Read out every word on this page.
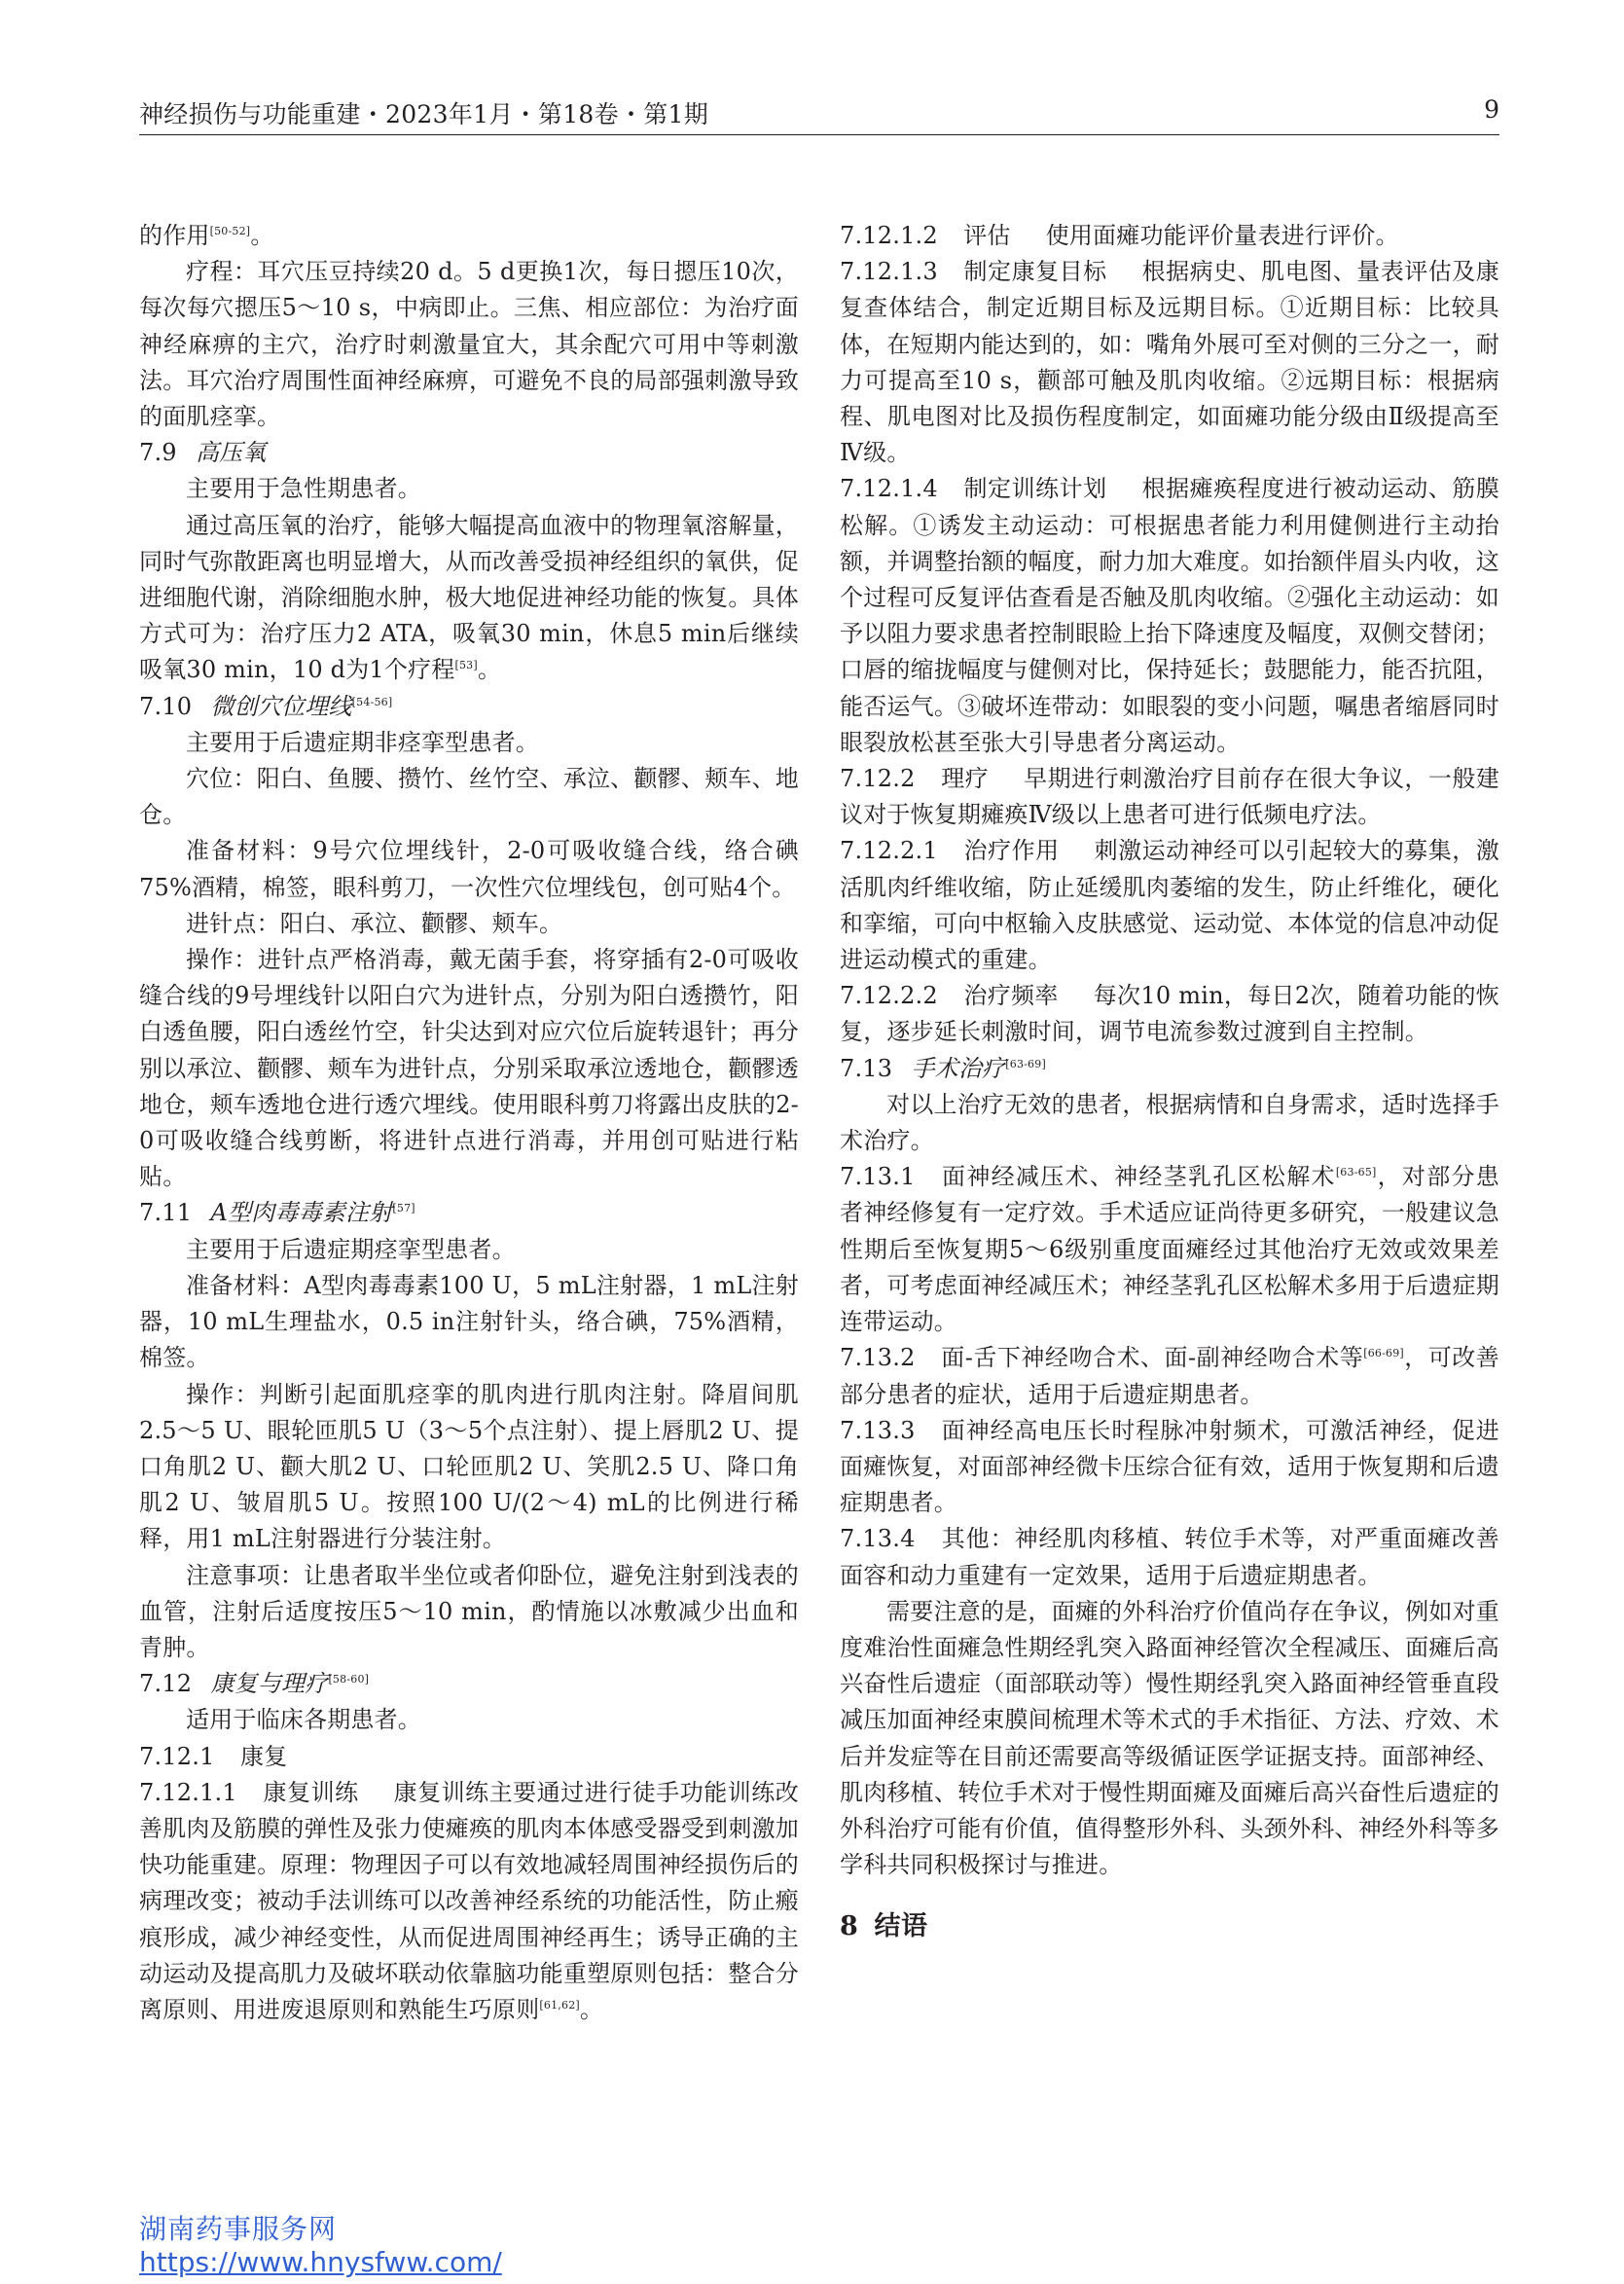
神经损伤与功能重建・2023年1月・第18卷・第1期	9

的作用[50-52]。

疗程：耳穴压豆持续20 d。5 d更换1次，每日摁压10次，每次每穴摁压5～10 s，中病即止。三焦、相应部位：为治疗面神经麻痹的主穴，治疗时刺激量宜大，其余配穴可用中等刺激法。耳穴治疗周围性面神经麻痹，可避免不良的局部强刺激导致的面肌痉挛。

7.9 高压氧

主要用于急性期患者。

通过高压氧的治疗，能够大幅提高血液中的物理氧溶解量，同时气弥散距离也明显增大，从而改善受损神经组织的氧供，促进细胞代谢，消除细胞水肿，极大地促进神经功能的恢复。具体方式可为：治疗压力2 ATA，吸氧30 min，休息5 min后继续吸氧30 min，10 d为1个疗程[53]。

7.10 微创穴位埋线[54-56]

主要用于后遗症期非痉挛型患者。

穴位：阳白、鱼腰、攒竹、丝竹空、承泣、颧髎、颊车、地仓。

准备材料：9号穴位埋线针，2-0可吸收缝合线，络合碘75%酒精，棉签，眼科剪刀，一次性穴位埋线包，创可贴4个。

进针点：阳白、承泣、颧髎、颊车。

操作：进针点严格消毒，戴无菌手套，将穿插有2-0可吸收缝合线的9号埋线针以阳白穴为进针点，分别为阳白透攒竹，阳白透鱼腰，阳白透丝竹空，针尖达到对应穴位后旋转退针；再分别以承泣、颧髎、颊车为进针点，分别采取承泣透地仓，颧髎透地仓，颊车透地仓进行透穴埋线。使用眼科剪刀将露出皮肤的2-0可吸收缝合线剪断，将进针点进行消毒，并用创可贴进行粘贴。

7.11 A型肉毒毒素注射[57]

主要用于后遗症期痉挛型患者。

准备材料：A型肉毒毒素100 U，5 mL注射器，1 mL注射器，10 mL生理盐水，0.5 in注射针头，络合碘，75%酒精，棉签。

操作：判断引起面肌痉挛的肌肉进行肌肉注射。降眉间肌2.5～5 U、眼轮匝肌5 U（3～5个点注射）、提上唇肌2 U、提口角肌2 U、颧大肌2 U、口轮匝肌2 U、笑肌2.5 U、降口角肌2 U、皱眉肌5 U。按照100 U/(2～4) mL的比例进行稀释，用1 mL注射器进行分装注射。

注意事项：让患者取半坐位或者仰卧位，避免注射到浅表的血管，注射后适度按压5～10 min，酌情施以冰敷减少出血和青肿。

7.12 康复与理疗[58-60]

适用于临床各期患者。

7.12.1 康复

7.12.1.1 康复训练 康复训练主要通过进行徒手功能训练改善肌肉及筋膜的弹性及张力使瘫痪的肌肉本体感受器受到刺激加快功能重建。原理：物理因子可以有效地减轻周围神经损伤后的病理改变；被动手法训练可以改善神经系统的功能活性，防止瘢痕形成，减少神经变性，从而促进周围神经再生；诱导正确的主动运动及提高肌力及破坏联动依靠脑功能重塑原则包括：整合分离原则、用进废退原则和熟能生巧原则[61,62]。

7.12.1.2 评估 使用面瘫功能评价量表进行评价。

7.12.1.3 制定康复目标 根据病史、肌电图、量表评估及康复查体结合，制定近期目标及远期目标。①近期目标：比较具体，在短期内能达到的，如：嘴角外展可至对侧的三分之一，耐力可提高至10 s，颧部可触及肌肉收缩。②远期目标：根据病程、肌电图对比及损伤程度制定，如面瘫功能分级由Ⅱ级提高至Ⅳ级。

7.12.1.4 制定训练计划 根据瘫痪程度进行被动运动、筋膜松解。①诱发主动运动：可根据患者能力利用健侧进行主动抬额，并调整抬额的幅度，耐力加大难度。如抬额伴眉头内收，这个过程可反复评估查看是否触及肌肉收缩。②强化主动运动：如予以阻力要求患者控制眼睑上抬下降速度及幅度，双侧交替闭；口唇的缩拢幅度与健侧对比，保持延长；鼓腮能力，能否抗阻，能否运气。③破坏连带动：如眼裂的变小问题，嘱患者缩唇同时眼裂放松甚至张大引导患者分离运动。

7.12.2 理疗 早期进行刺激治疗目前存在很大争议，一般建议对于恢复期瘫痪Ⅳ级以上患者可进行低频电疗法。

7.12.2.1 治疗作用 刺激运动神经可以引起较大的募集，激活肌肉纤维收缩，防止延缓肌肉萎缩的发生，防止纤维化，硬化和挛缩，可向中枢输入皮肤感觉、运动觉、本体觉的信息冲动促进运动模式的重建。

7.12.2.2 治疗频率 每次10 min，每日2次，随着功能的恢复，逐步延长刺激时间，调节电流参数过渡到自主控制。

7.13 手术治疗[63-69]

对以上治疗无效的患者，根据病情和自身需求，适时选择手术治疗。

7.13.1 面神经减压术、神经茎乳孔区松解术[63-65]，对部分患者神经修复有一定疗效。手术适应证尚待更多研究，一般建议急性期后至恢复期5～6级别重度面瘫经过其他治疗无效或效果差者，可考虑面神经减压术；神经茎乳孔区松解术多用于后遗症期连带运动。

7.13.2 面-舌下神经吻合术、面-副神经吻合术等[66-69]，可改善部分患者的症状，适用于后遗症期患者。

7.13.3 面神经高电压长时程脉冲射频术，可激活神经，促进面瘫恢复，对面部神经微卡压综合征有效，适用于恢复期和后遗症期患者。

7.13.4 其他：神经肌肉移植、转位手术等，对严重面瘫改善面容和动力重建有一定效果，适用于后遗症期患者。

需要注意的是，面瘫的外科治疗价值尚存在争议，例如对重度难治性面瘫急性期经乳突入路面神经管次全程减压、面瘫后高兴奋性后遗症（面部联动等）慢性期经乳突入路面神经管垂直段减压加面神经束膜间梳理术等术式的手术指征、方法、疗效、术后并发症等在目前还需要高等级循证医学证据支持。面部神经、肌肉移植、转位手术对于慢性期面瘫及面瘫后高兴奋性后遗症的外科治疗可能有价值，值得整形外科、头颈外科、神经外科等多学科共同积极探讨与推进。

8 结语

湖南药事服务网
https://www.hnysfww.com/
